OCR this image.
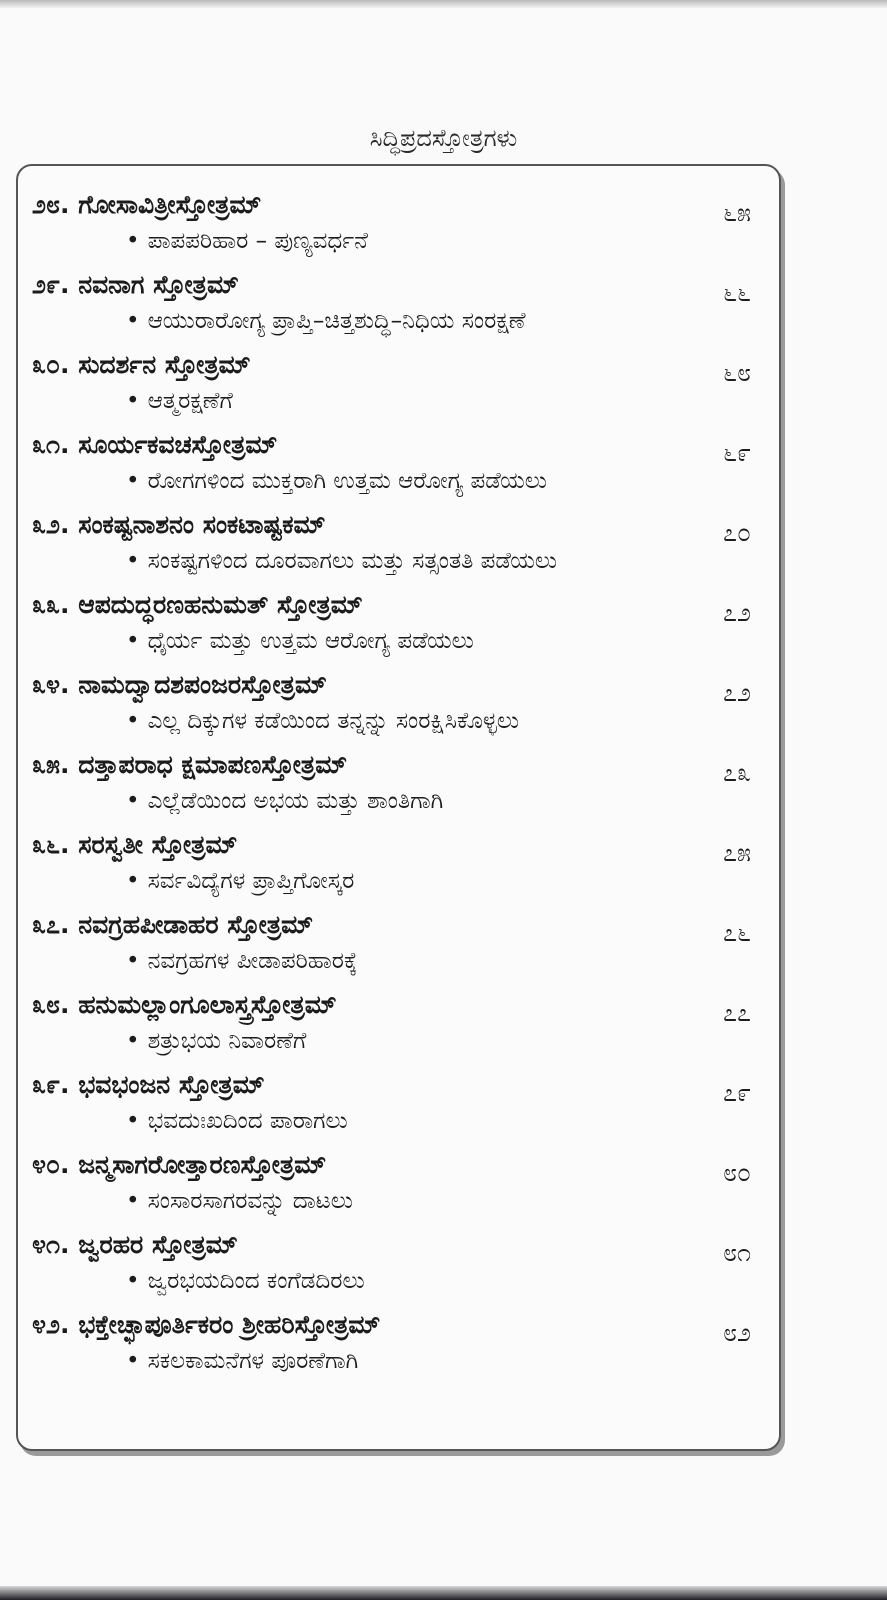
ಸಿದ್ಧಿಪ್ರದಸ್ತೋತ್ರಗಳು
೨೮. ಗೋಸಾವಿತ್ರೀಸ್ತೋತ್ರಮ್	೬೫
• ಪಾಪಪರಿಹಾರ – ಪುಣ್ಯವರ್ಧನೆ
೨೯. ನವನಾಗ ಸ್ತೋತ್ರಮ್	೬೬
• ಆಯುರಾರೋಗ್ಯ ಪ್ರಾಪ್ತಿ–ಚಿತ್ತಶುದ್ಧಿ–ನಿಧಿಯ ಸಂರಕ್ಷಣೆ
೩೦. ಸುದರ್ಶನ ಸ್ತೋತ್ರಮ್	೬೮
• ಆತ್ಮರಕ್ಷಣೆಗೆ
೩೧. ಸೂರ್ಯಕವಚಸ್ತೋತ್ರಮ್	೬೯
• ರೋಗಗಳಿಂದ ಮುಕ್ತರಾಗಿ ಉತ್ತಮ ಆರೋಗ್ಯ ಪಡೆಯಲು
೩೨. ಸಂಕಷ್ಟನಾಶನಂ ಸಂಕಟಾಷ್ಟಕಮ್	೭೦
• ಸಂಕಷ್ಟಗಳಿಂದ ದೂರವಾಗಲು ಮತ್ತು ಸತ್ಸಂತತಿ ಪಡೆಯಲು
೩೩. ಆಪದುದ್ಧರಣಹನುಮತ್ ಸ್ತೋತ್ರಮ್	೭೨
• ಧೈರ್ಯ ಮತ್ತು ಉತ್ತಮ ಆರೋಗ್ಯ ಪಡೆಯಲು
೩೪. ನಾಮದ್ವಾದಶಪಂಜರಸ್ತೋತ್ರಮ್	೭೨
• ಎಲ್ಲ ದಿಕ್ಕುಗಳ ಕಡೆಯಿಂದ ತನ್ನನ್ನು ಸಂರಕ್ಷಿಸಿಕೊಳ್ಳಲು
೩೫. ದತ್ತಾಪರಾಧ ಕ್ಷಮಾಪಣಸ್ತೋತ್ರಮ್	೭೩
• ಎಲ್ಲೆಡೆಯಿಂದ ಅಭಯ ಮತ್ತು ಶಾಂತಿಗಾಗಿ
೩೬. ಸರಸ್ವತೀ ಸ್ತೋತ್ರಮ್	೭೫
• ಸರ್ವವಿದ್ಯೆಗಳ ಪ್ರಾಪ್ತಿಗೋಸ್ಕರ
೩೭. ನವಗ್ರಹಪೀಡಾಹರ ಸ್ತೋತ್ರಮ್	೭೬
• ನವಗ್ರಹಗಳ ಪೀಡಾಪರಿಹಾರಕ್ಕೆ
೩೮. ಹನುಮಲ್ಲಾಂಗೂಲಾಸ್ತ್ರಸ್ತೋತ್ರಮ್	೭೭
• ಶತ್ರುಭಯ ನಿವಾರಣೆಗೆ
೩೯. ಭವಭಂಜನ ಸ್ತೋತ್ರಮ್	೭೯
• ಭವದುಃಖದಿಂದ ಪಾರಾಗಲು
೪೦. ಜನ್ಮಸಾಗರೋತ್ತಾರಣಸ್ತೋತ್ರಮ್	೮೦
• ಸಂಸಾರಸಾಗರವನ್ನು ದಾಟಲು
೪೧. ಜ್ವರಹರ ಸ್ತೋತ್ರಮ್	೮೧
• ಜ್ವರಭಯದಿಂದ ಕಂಗೆಡದಿರಲು
೪೨. ಭಕ್ತೇಚ್ಛಾಪೂರ್ತಿಕರಂ ಶ್ರೀಹರಿಸ್ತೋತ್ರಮ್	೮೨
• ಸಕಲಕಾಮನೆಗಳ ಪೂರಣೆಗಾಗಿ
